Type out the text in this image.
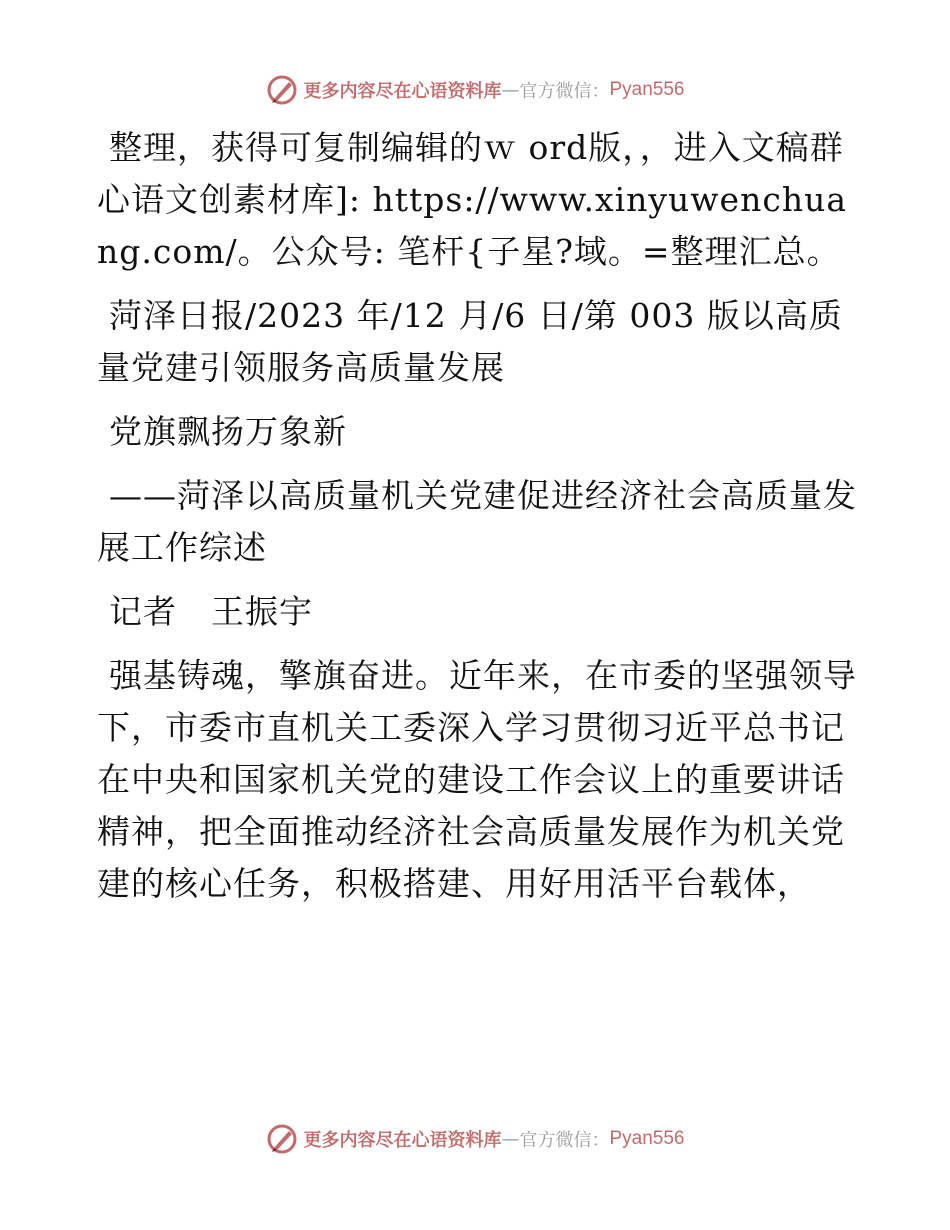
更多内容尽在心语资料库 — 官方微信： Pyan556

整理，获得可复制编辑的ｗ ord版，，进入文稿群心语文创素材库]: https://www.xinyuwenchuang.com/。公众号: 笔杆{子星?域。=整理汇总。

菏泽日报/2023 年/12 月/6 日/第 003 版以高质量党建引领服务高质量发展

党旗飘扬万象新

——菏泽以高质量机关党建促进经济社会高质量发展工作综述

记者　王振宇

强基铸魂，擎旗奋进。近年来，在市委的坚强领导下，市委市直机关工委深入学习贯彻习近平总书记在中央和国家机关党的建设工作会议上的重要讲话精神，把全面推动经济社会高质量发展作为机关党建的核心任务，积极搭建、用好用活平台载体，

更多内容尽在心语资料库 — 官方微信： Pyan556
